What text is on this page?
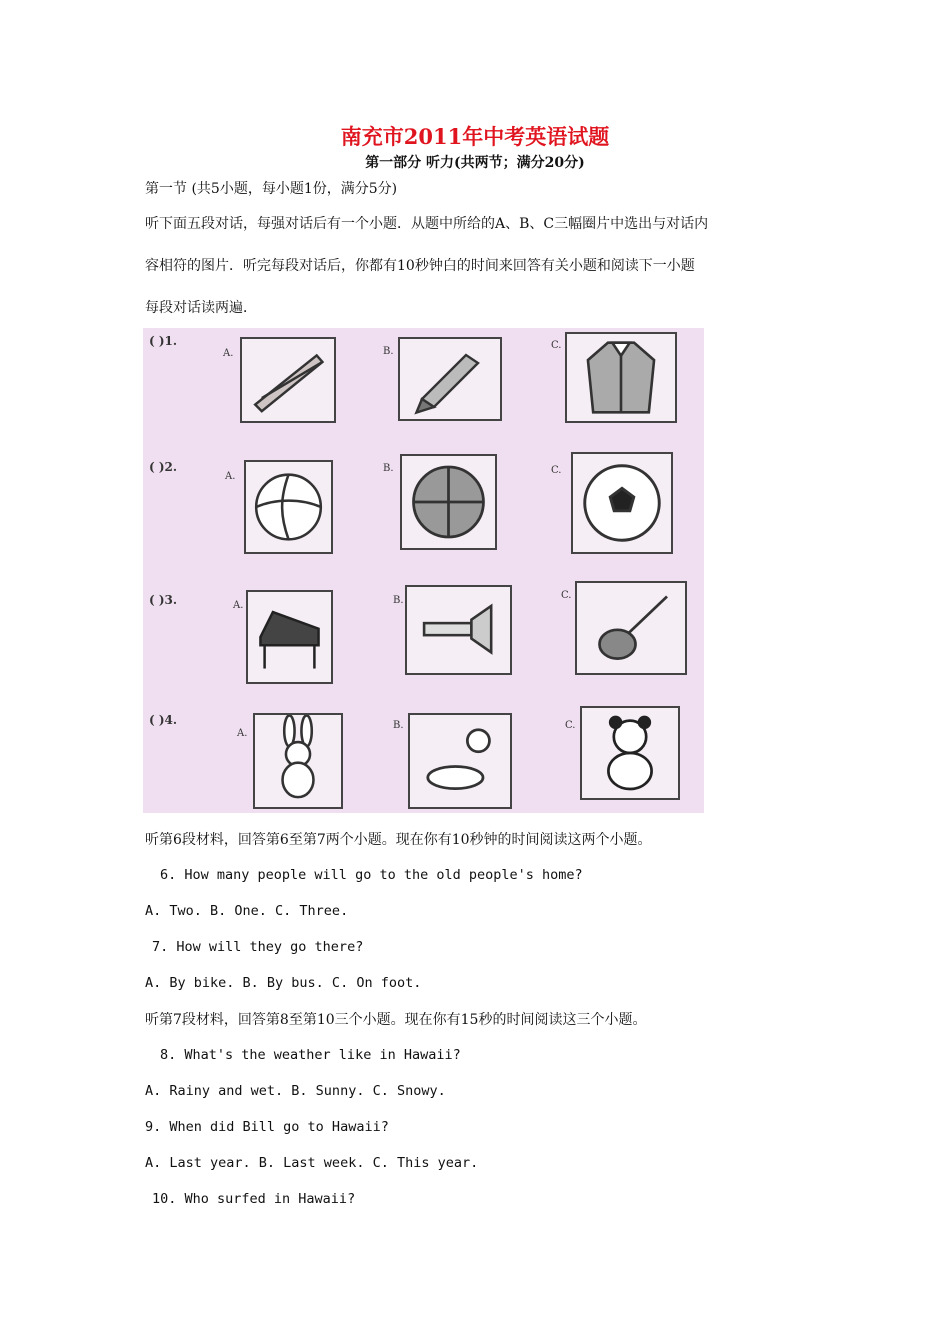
南充市2011年中考英语试题
第一部分 听力(共两节；满分20分)
第一节 (共5小题，每小题1份，满分5分)
听下面五段对话，每强对话后有一个小题．从题中所给的A、B、C三幅圈片中选出与对话内
容相符的图片．听完每段对话后，你都有10秒钟白的时间来回答有关小题和阅读下一小题
每段对话读两遍．
( )1.
A.	B.
C.
( )2.
A.
B.	C.
( )3.	A.	B.	C.
( )4.
A.
B.	C.
听第6段材料，回答第6至第7两个小题。现在你有10秒钟的时间阅读这两个小题。
6. How many people will go to the old people's home?
A. Two. B. One. C. Three.
7. How will they go there?
A. By bike. B. By bus. C. On foot.
听第7段材料，回答第8至第10三个小题。现在你有15秒的时间阅读这三个小题。
8. What's the weather like in Hawaii?
A. Rainy and wet. B. Sunny. C. Snowy.
9. When did Bill go to Hawaii?
A. Last year. B. Last week. C. This year.
10. Who surfed in Hawaii?
